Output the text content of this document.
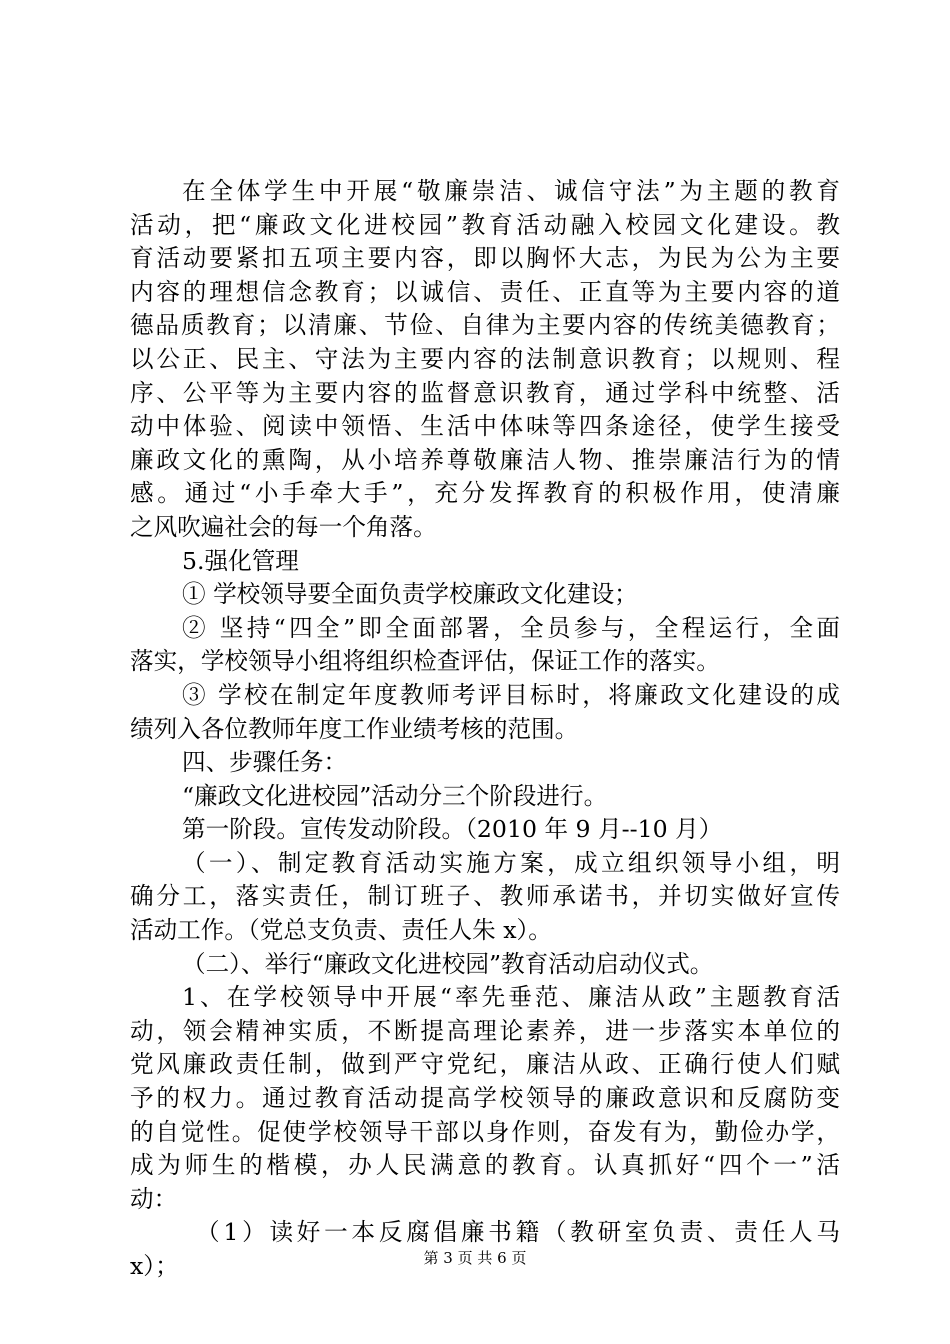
在全体学生中开展“敬廉崇洁、诚信守法”为主题的教育
活动，把“廉政文化进校园”教育活动融入校园文化建设。教
育活动要紧扣五项主要内容，即以胸怀大志，为民为公为主要
内容的理想信念教育；以诚信、责任、正直等为主要内容的道
德品质教育；以清廉、节俭、自律为主要内容的传统美德教育；
以公正、民主、守法为主要内容的法制意识教育；以规则、程
序、公平等为主要内容的监督意识教育，通过学科中统整、活
动中体验、阅读中领悟、生活中体味等四条途径，使学生接受
廉政文化的熏陶，从小培养尊敬廉洁人物、推崇廉洁行为的情
感。通过“小手牵大手”，充分发挥教育的积极作用，使清廉
之风吹遍社会的每一个角落。
5.强化管理
① 学校领导要全面负责学校廉政文化建设；
② 坚持“四全”即全面部署，全员参与，全程运行，全面
落实，学校领导小组将组织检查评估，保证工作的落实。
③ 学校在制定年度教师考评目标时，将廉政文化建设的成
绩列入各位教师年度工作业绩考核的范围。
四、步骤任务：
“廉政文化进校园”活动分三个阶段进行。
第一阶段。宣传发动阶段。（2010 年 9 月--10 月）
（一）、制定教育活动实施方案，成立组织领导小组，明
确分工，落实责任，制订班子、教师承诺书，并切实做好宣传
活动工作。（党总支负责、责任人朱 x）。
（二）、举行“廉政文化进校园”教育活动启动仪式。
1、在学校领导中开展“率先垂范、廉洁从政”主题教育活
动，领会精神实质，不断提高理论素养，进一步落实本单位的
党风廉政责任制，做到严守党纪，廉洁从政、正确行使人们赋
予的权力。通过教育活动提高学校领导的廉政意识和反腐防变
的自觉性。促使学校领导干部以身作则，奋发有为，勤俭办学，
成为师生的楷模，办人民满意的教育。认真抓好“四个一”活
动：
（1）读好一本反腐倡廉书籍（教研室负责、责任人马
x）；	第 3 页 共 6 页
